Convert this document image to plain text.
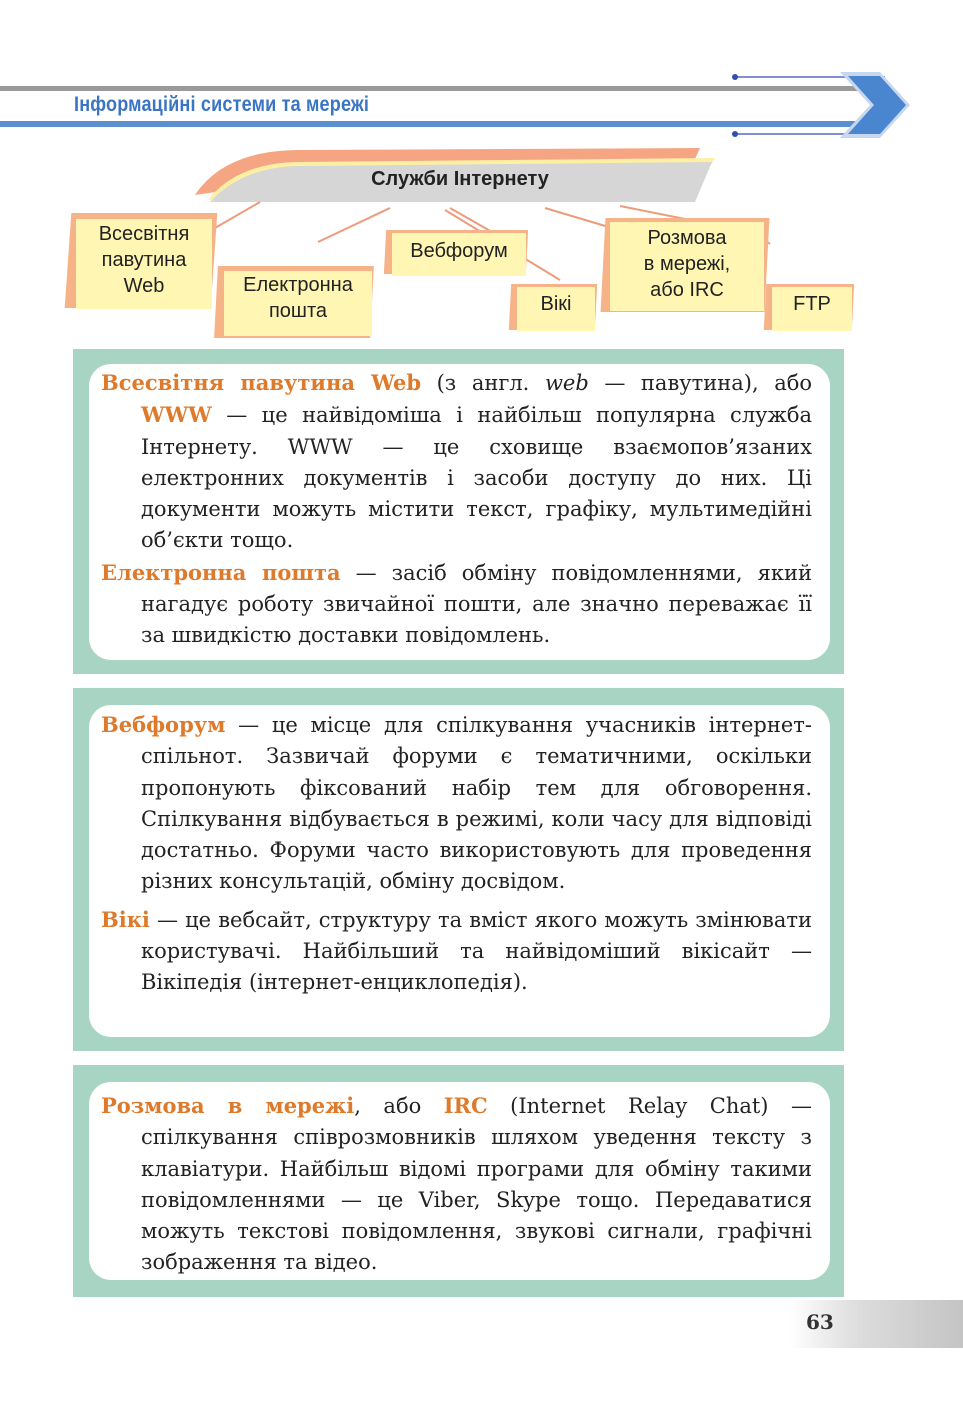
Інформаційні системи та мережі
Служби Інтернету
Всесвітня
павутина
Web	Електронна
пошта
Вебфорум
Вікі
Розмова
в мережі,
або IRC
FTP

Всесвітня павутина Web (з англ. web — павутина), або WWW — це найвідоміша і найбільш популярна служба Інтернету. WWW — це сховище взаємопов’язаних електронних документів і засоби доступу до них. Ці документи можуть містити текст, графіку, мультимедійні об’єкти тощо.

Електронна пошта — засіб обміну повідомленнями, який нагадує роботу звичайної пошти, але значно переважає її за швидкістю доставки повідомлень.

Вебфорум — це місце для спілкування учасників інтернет-спільнот. Зазвичай форуми є тематичними, оскільки пропонують фіксований набір тем для обговорення. Спілкування відбувається в режимі, коли часу для відповіді достатньо. Форуми часто використовують для проведення різних консультацій, обміну досвідом.

Вікі — це вебсайт, структуру та вміст якого можуть змінювати користувачі. Найбільший та найвідоміший вікісайт — Вікіпедія (інтернет-енциклопедія).

Розмова в мережі, або IRC (Internet Relay Chat) — спілкування співрозмовників шляхом уведення тексту з клавіатури. Найбільш відомі програми для обміну такими повідомленнями — це Viber, Skype тощо. Передаватися можуть текстові повідомлення, звукові сигнали, графічні зображення та відео.

63
